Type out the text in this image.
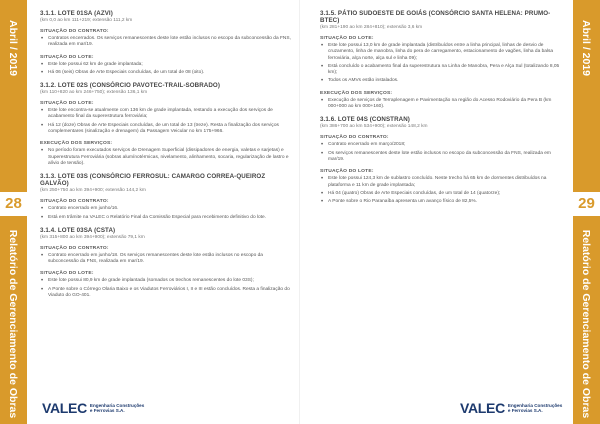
Abril / 2019
28
Relatório de Gerenciamento de Obras
Abril / 2019
29
Relatório de Gerenciamento de Obras
3.1.1. LOTE 01SA (AZVI)
(km 0,0 ao km 111+219; extensão 111,2 km
SITUAÇÃO DO CONTRATO:
• Contratos encerrados. Os serviços remanescentes deste lote estão inclusos no escopo da subconcessão da FNS, realizada em mar/19.
SITUAÇÃO DO LOTE:
• Este lote possui 62 km de grade implantada;
• Há 06 (seis) Obras de Arte Especiais concluídas, de um total de 08 (oito).
3.1.2. LOTE 02S (CONSÓRCIO PAVOTEC-TRAIL-SOBRADO)
(km 110+820 ao km 246+750); extensão 136,1 km
SITUAÇÃO DO LOTE:
• Este lote encontra-se atualmente com 136 km de grade implantada, restando a execução dos serviços de acabamento final da superestrutura ferroviária;
• Há 12 (doze) Obras de Arte Especiais concluídas, de um total de 13 (treze). Resta a finalização dos serviços complementares (sinalização e drenagem) da Passagem Veicular no km 175+966.
EXECUÇÃO DOS SERVIÇOS:
• No período foram executados serviços de Drenagem Superficial (dissipadores de energia, valetas e sarjetas) e Superestrutura Ferroviária (sobras alumínotérmicas, nivelamento, alinhamento, socaria, regularização de lastro e alívio de tensão).
3.1.3. LOTE 03S (CONSÓRCIO FERROSUL: CAMARGO CORREA-QUEIROZ GALVÃO)
(km 250+750 ao km 394+900; extensão 144,2 km
SITUAÇÃO DO CONTRATO:
• Contrato encerrado em junho/16.
• Está em trâmite na VALEC o Relatório Final da Comissão Especial para recebimento definitivo do lote.
3.1.4. LOTE 03SA (CSTA)
(km 315+800 ao km 394+900); extensão 79,1 km
SITUAÇÃO DO CONTRATO:
• Contrato encerrado em junho/18. Os serviços remanescentes deste lote estão inclusos no escopo da subconcessão da FNS, realizada em mar/19.
SITUAÇÃO DO LOTE:
• Este lote possui 80,9 km de grade implantada (somados os trechos remanescentes do lote 03S);
• A Ponte sobre o Córrego Olaria Baixo e os Viadutos Ferroviários I, II e III estão concluídos. Resta a finalização do Viaduto do GO-401.
3.1.5. PÁTIO SUDOESTE DE GOIÁS (CONSÓRCIO SANTA HELENA: PRUMO-BTEC)
(km 281+190 ao km 284+810); extensão 3,6 km
SITUAÇÃO DO LOTE:
• Este lote possui 13,0 km de grade implantada (distribuídos entre a linha principal, linhas de desvio de cruzamento, linha de manobra, linha do pera de carregamento, estacionamento de vagões, linha da balsa ferroviária, alça norte, alça sul e linha 09);
• Está concluído o acabamento final da superestrutura na Linha de Manobra, Pera e Alça Sul (totalizando 8,05 km);
• Todos os AMVs estão instalados.
EXECUÇÃO DOS SERVIÇOS:
• Execução de serviços de Terraplenagem e Pavimentação na região do Acesso Rodoviário da Pera B (km 000+000 ao km 000+160).
3.1.6. LOTE 04S (CONSTRAN)
(km 386+700 ao km 534+900); extensão 148,2 km
SITUAÇÃO DO CONTRATO:
• Contrato encerrado em março/2018;
• Os serviços remanescentes deste lote estão inclusos no escopo da subconcessão da FNS, realizada em mar/19.
SITUAÇÃO DO LOTE:
• Este lote possui 124,3 km de sublastro concluído. Neste trecho há 65 km de dormentes distribuídos na plataforma e 11 km de grade implantada;
• Há 04 (quatro) Obras de Arte Especiais concluídas, de um total de 14 (quatorze);
• A Ponte sobre o Rio Paranaíba apresenta um avanço físico de 82,5%.
VALEC Engenharia Construções
e Ferrovias S.A.	VALEC Engenharia Construções
e Ferrovias S.A.
